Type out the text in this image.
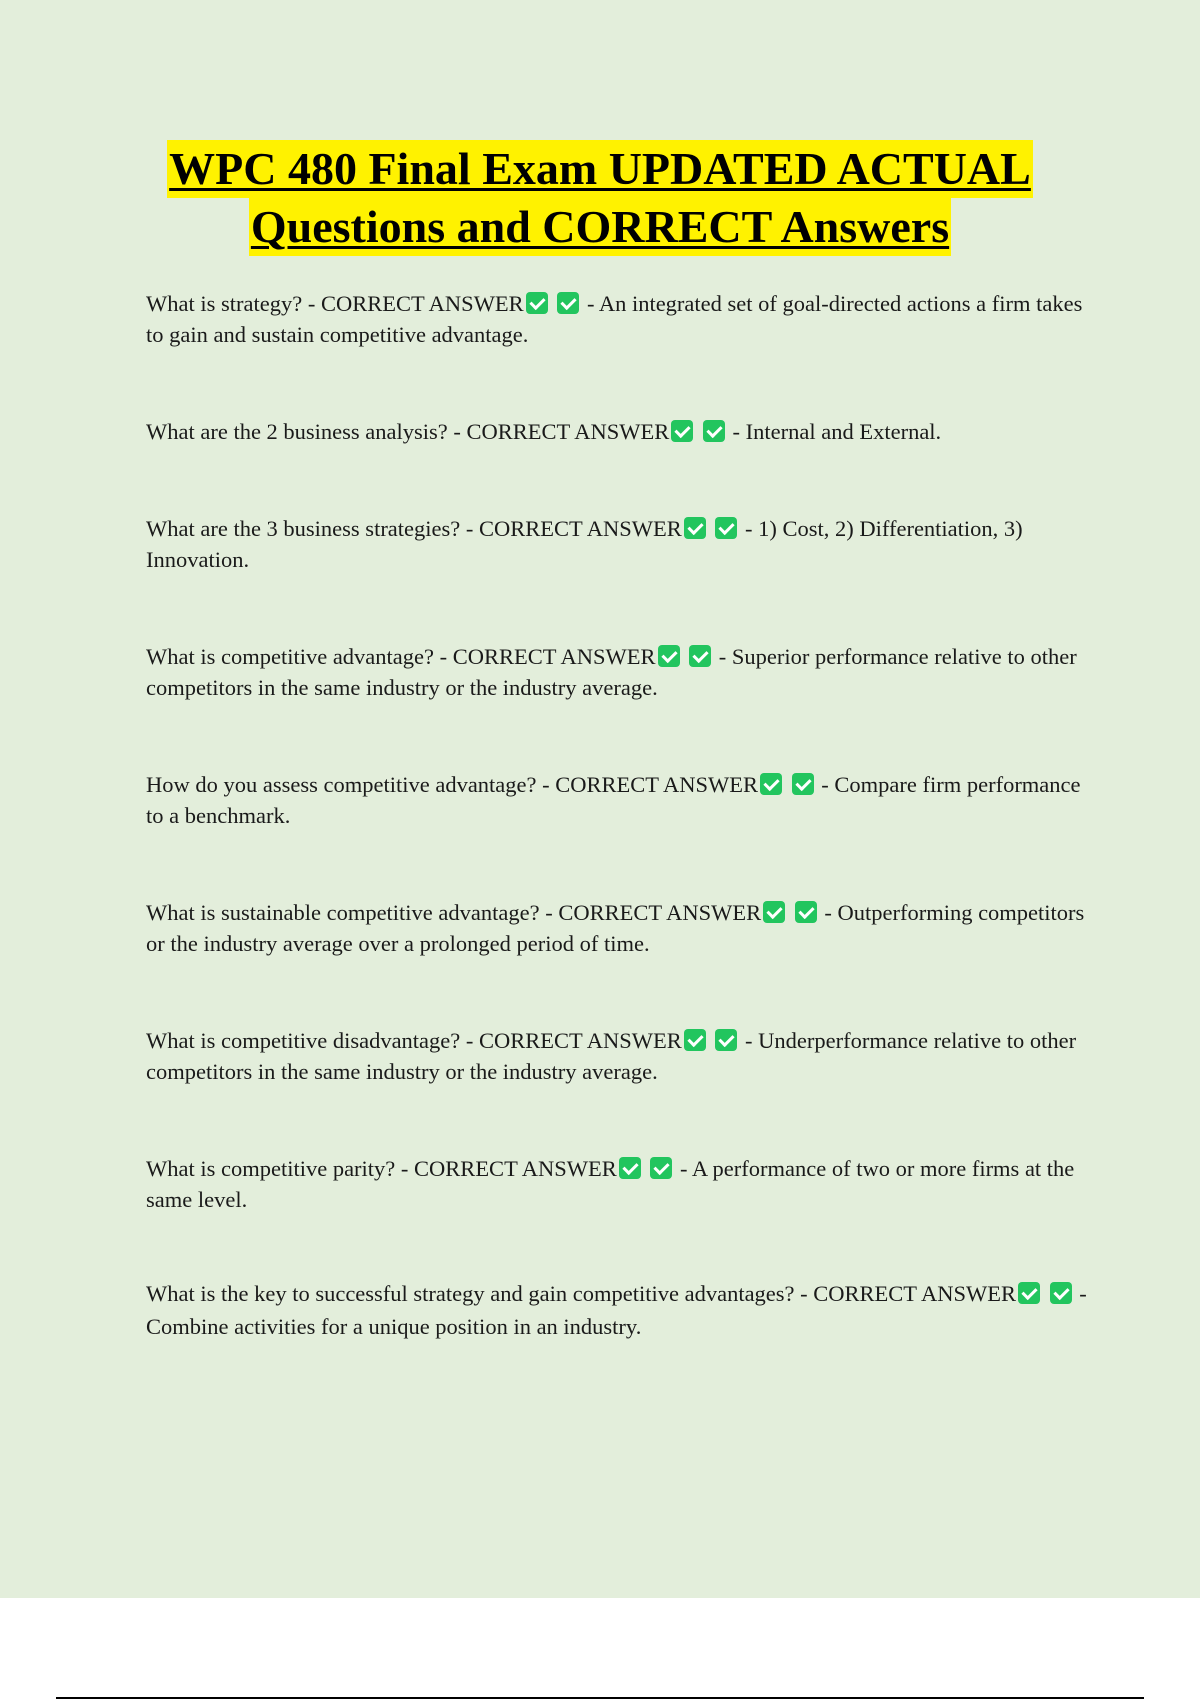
WPC 480 Final Exam UPDATED ACTUAL
Questions and CORRECT Answers

What is strategy? - CORRECT ANSWER	- An integrated set of goal-directed actions a firm takes to gain and sustain competitive advantage.

What are the 2 business analysis? - CORRECT ANSWER	- Internal and External.

What are the 3 business strategies? - CORRECT ANSWER	- 1) Cost, 2) Differentiation, 3) Innovation.

What is competitive advantage? - CORRECT ANSWER	- Superior performance relative to other competitors in the same industry or the industry average.

How do you assess competitive advantage? - CORRECT ANSWER	- Compare firm performance to a benchmark.

What is sustainable competitive advantage? - CORRECT ANSWER	- Outperforming competitors or the industry average over a prolonged period of time.

What is competitive disadvantage? - CORRECT ANSWER	- Underperformance relative to other competitors in the same industry or the industry average.

What is competitive parity? - CORRECT ANSWER	- A performance of two or more firms at the same level.

What is the key to successful strategy and gain competitive advantages? - CORRECT ANSWER	- Combine activities for a unique position in an industry.
